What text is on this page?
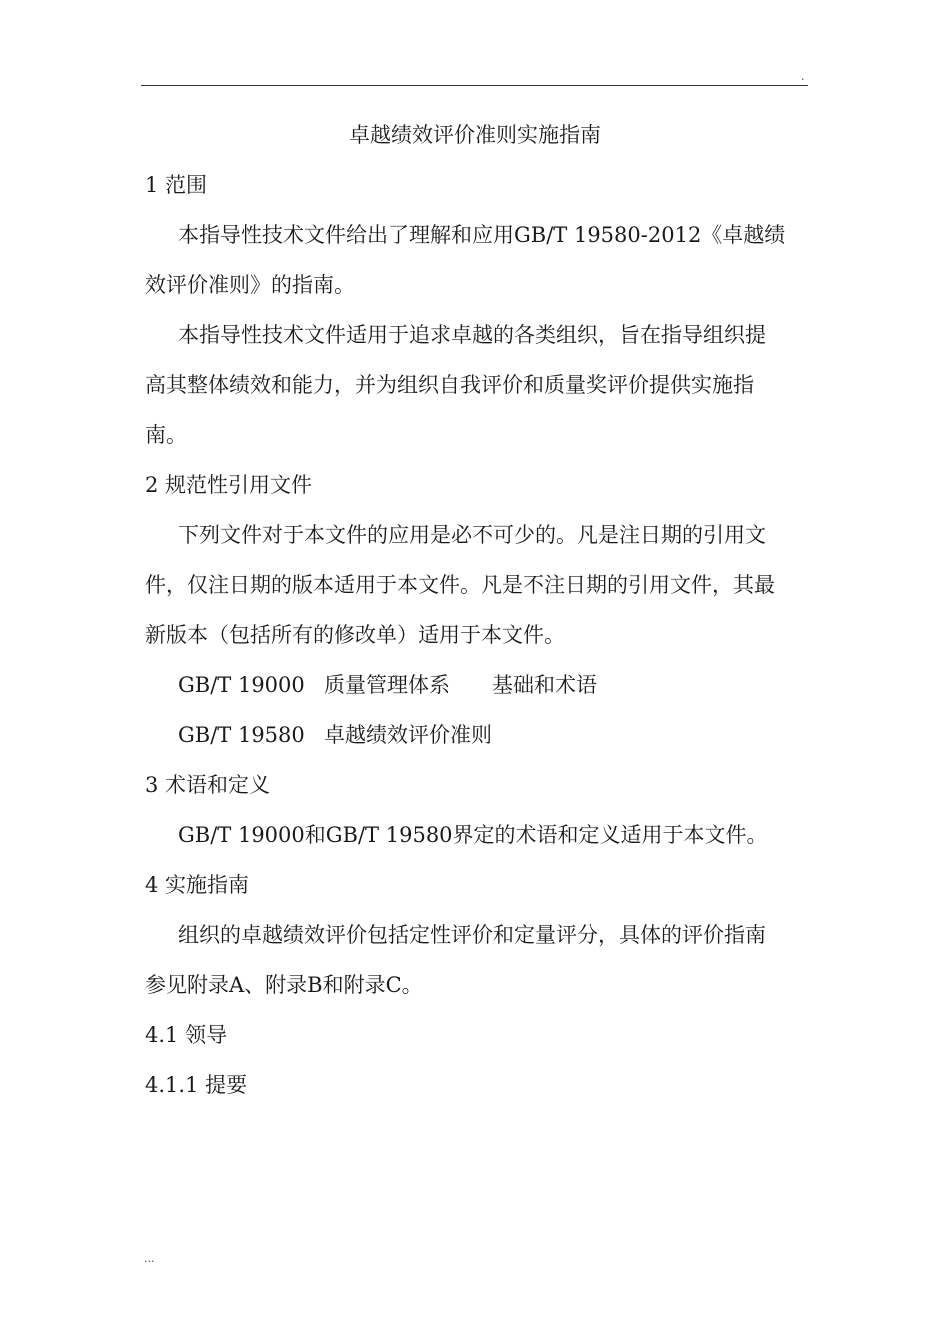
.
卓越绩效评价准则实施指南
1 范围
本指导性技术文件给出了理解和应用GB/T 19580-2012《卓越绩
效评价准则》的指南。
本指导性技术文件适用于追求卓越的各类组织，旨在指导组织提
高其整体绩效和能力，并为组织自我评价和质量奖评价提供实施指
南。
2 规范性引用文件
下列文件对于本文件的应用是必不可少的。凡是注日期的引用文
件，仅注日期的版本适用于本文件。凡是不注日期的引用文件，其最
新版本（包括所有的修改单）适用于本文件。
GB/T 19000 质量管理体系 基础和术语
GB/T 19580 卓越绩效评价准则
3 术语和定义
GB/T 19000和GB/T 19580界定的术语和定义适用于本文件。
4 实施指南
组织的卓越绩效评价包括定性评价和定量评分，具体的评价指南
参见附录A、附录B和附录C。
4.1 领导
4.1.1 提要
...
